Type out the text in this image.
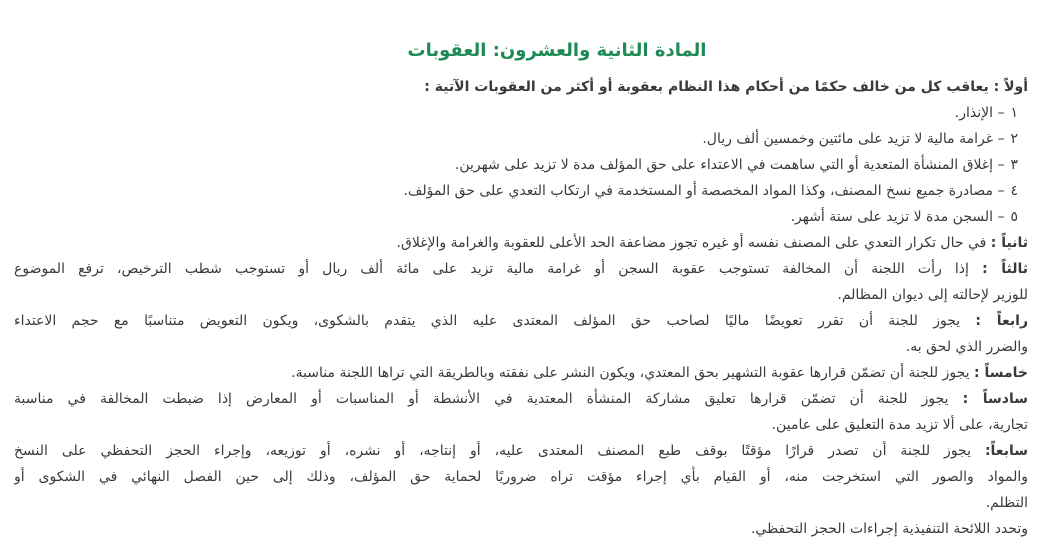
المادة الثانية والعشرون: العقوبات
أولاً : يعاقب كل من خالف حكمًا من أحكام هذا النظام بعقوبة أو أكثر من العقوبات الآتية :
١– الإنذار.
٢– غرامة مالية لا تزيد على مائتين وخمسين ألف ريال.
٣– إغلاق المنشأة المتعدية أو التي ساهمت في الاعتداء على حق المؤلف مدة لا تزيد على شهرين.
٤– مصادرة جميع نسخ المصنف، وكذا المواد المخصصة أو المستخدمة في ارتكاب التعدي على حق المؤلف.
٥– السجن مدة لا تزيد على ستة أشهر.
ثانياً : في حال تكرار التعدي على المصنف نفسه أو غيره تجوز مضاعفة الحد الأعلى للعقوبة والغرامة والإغلاق.
ثالثاً : إذا رأت اللجنة أن المخالفة تستوجب عقوبة السجن أو غرامة مالية تزيد على مائة ألف ريال أو تستوجب شطب الترخيص، ترفع الموضوع
للوزير لإحالته إلى ديوان المظالم.
رابعاً : يجوز للجنة أن تقرر تعويضًا ماليًا لصاحب حق المؤلف المعتدى عليه الذي يتقدم بالشكوى، ويكون التعويض متناسبًا مع حجم الاعتداء
والضرر الذي لحق به.
خامساً : يجوز للجنة أن تضمّن قرارها عقوبة التشهير بحق المعتدي، ويكون النشر على نفقته وبالطريقة التي تراها اللجنة مناسبة.
سادساً : يجوز للجنة أن تضمّن قرارها تعليق مشاركة المنشأة المعتدية في الأنشطة أو المناسبات أو المعارض إذا ضبطت المخالفة في مناسبة
تجارية، على ألا تزيد مدة التعليق على عامين.
سابعاً: يجوز للجنة أن تصدر قرارًا مؤقتًا بوقف طبع المصنف المعتدى عليه، أو إنتاجه، أو نشره، أو توزيعه، وإجراء الحجز التحفظي على النسخ
والمواد والصور التي استخرجت منه، أو القيام بأي إجراء مؤقت تراه ضروريًا لحماية حق المؤلف، وذلك إلى حين الفصل النهائي في الشكوى أو
التظلم.
وتحدد اللائحة التنفيذية إجراءات الحجز التحفظي.
